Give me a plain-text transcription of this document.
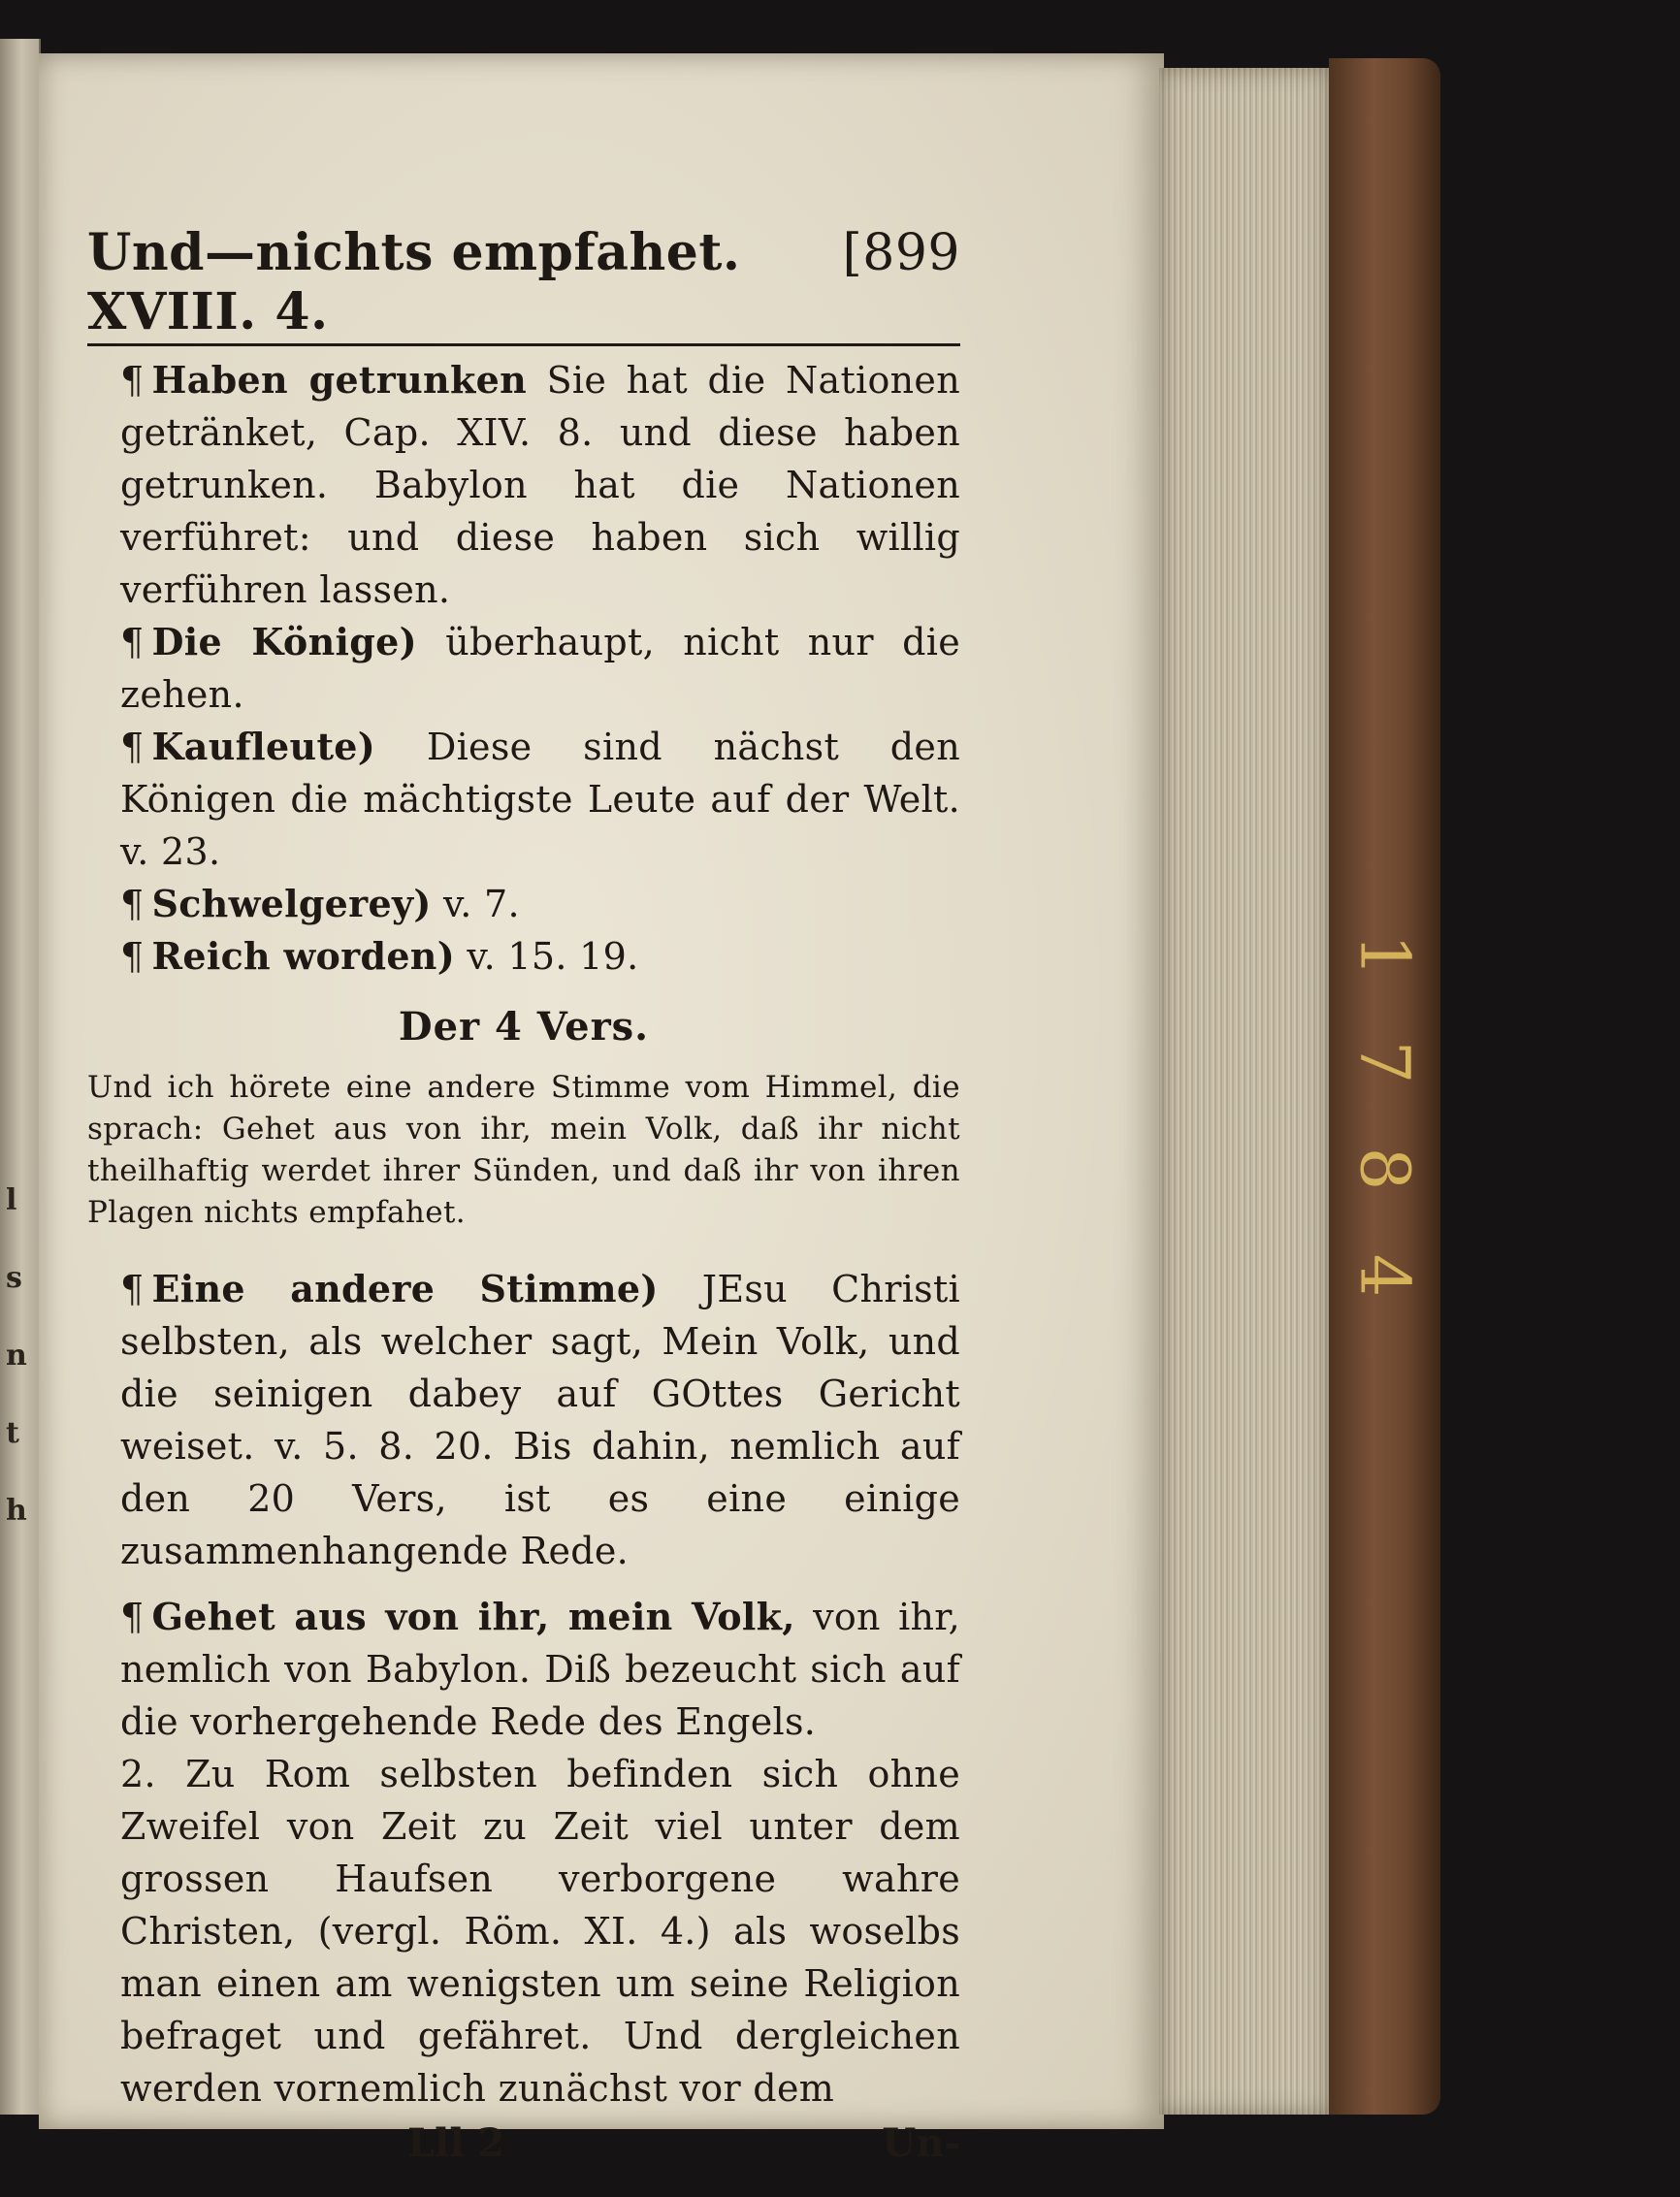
l
s
n
t
h
Und—nichts empfahet. XVIII. 4.
[899

¶ Haben getrunken Sie hat die Nationen getränket, Cap. XIV. 8. und diese haben getrunken. Babylon hat die Nationen verführet: und diese haben sich willig verführen lassen.

¶ Die Könige) überhaupt, nicht nur die zehen.

¶ Kaufleute) Diese sind nächst den Königen die mächtigste Leute auf der Welt. v. 23.

¶ Schwelgerey) v. 7.

¶ Reich worden) v. 15. 19.

Der 4 Vers.

Und ich hörete eine andere Stimme vom Himmel, die sprach: Gehet aus von ihr, mein Volk, daß ihr nicht theilhaftig werdet ihrer Sünden, und daß ihr von ihren Plagen nichts empfahet.

¶ Eine andere Stimme) JEsu Christi selbsten, als welcher sagt, Mein Volk, und die seinigen dabey auf GOttes Gericht weiset. v. 5. 8. 20. Bis dahin, nemlich auf den 20 Vers, ist es eine einige zusammenhangende Rede.

¶ Gehet aus von ihr, mein Volk, von ihr, nemlich von Babylon. Diß bezeucht sich auf die vorhergehende Rede des Engels.

2. Zu Rom selbsten befinden sich ohne Zweifel von Zeit zu Zeit viel unter dem grossen Haufsen verborgene wahre Christen, (vergl. Röm. XI. 4.) als woselbs man einen am wenigsten um seine Religion befraget und gefähret. Und dergleichen werden vornemlich zunächst vor dem

Lll 2	Un-
1
7
8
4
